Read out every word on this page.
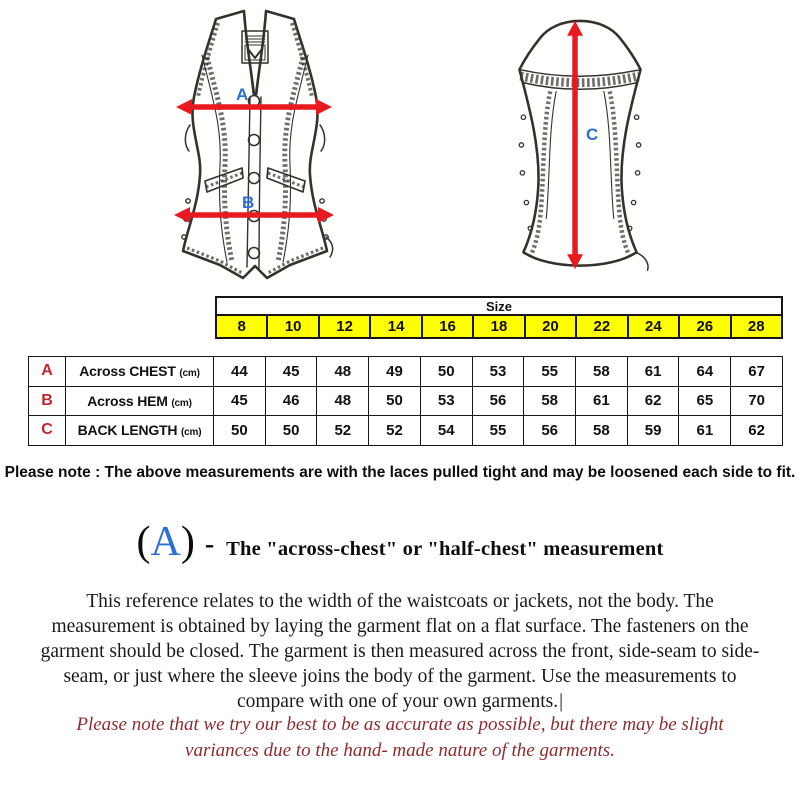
A
B
C
Size
8	10	12	14	16	18	20	22	24	26	28
A	Across CHEST (cm)	44	45	48	49	50	53	55	58	61	64	67
B	Across HEM (cm)	45	46	48	50	53	56	58	61	62	65	70
C	BACK LENGTH (cm)	50	50	52	52	54	55	56	58	59	61	62
Please note : The above measurements are with the laces pulled tight and may be loosened each side to fit.
(A) - The "across-chest" or "half-chest" measurement
This reference relates to the width of the waistcoats or jackets, not the body. The
measurement is obtained by laying the garment flat on a flat surface. The fasteners on the
garment should be closed. The garment is then measured across the front, side-seam to side-
seam, or just where the sleeve joins the body of the garment. Use the measurements to
compare with one of your own garments.|
Please note that we try our best to be as accurate as possible, but there may be slight
variances due to the hand- made nature of the garments.
